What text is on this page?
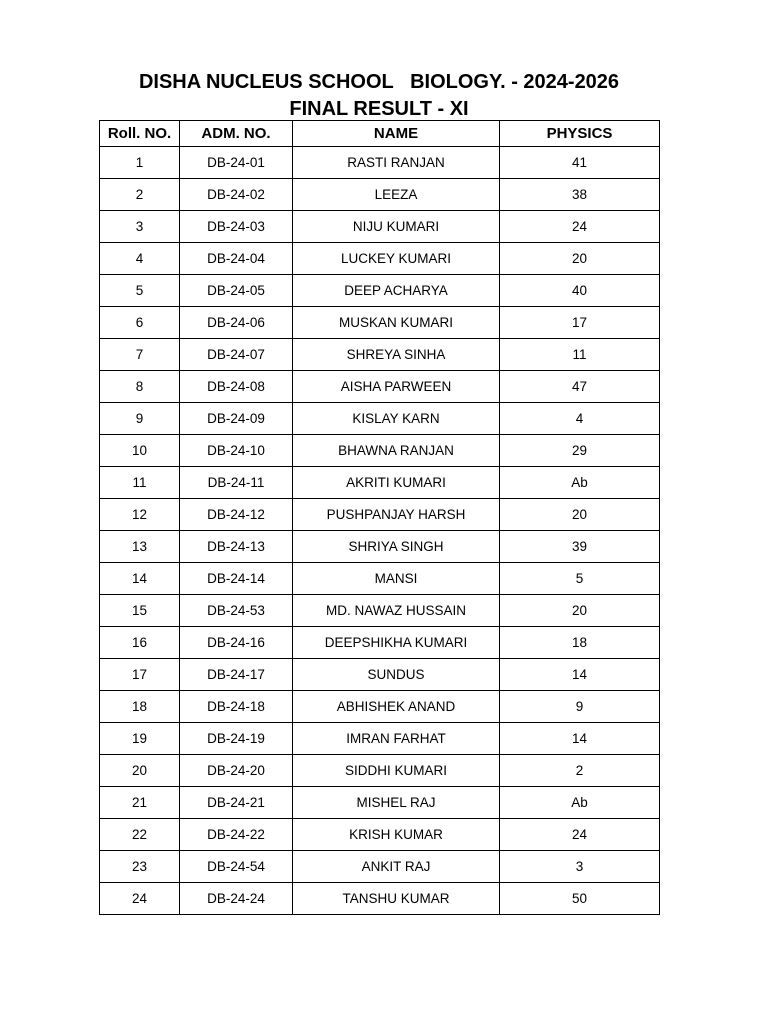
DISHA NUCLEUS SCHOOL   BIOLOGY. - 2024-2026
FINAL RESULT - XI
Roll. NO.	ADM. NO.	NAME	PHYSICS
1	DB-24-01	RASTI RANJAN	41
2	DB-24-02	LEEZA	38
3	DB-24-03	NIJU KUMARI	24
4	DB-24-04	LUCKEY KUMARI	20
5	DB-24-05	DEEP ACHARYA	40
6	DB-24-06	MUSKAN KUMARI	17
7	DB-24-07	SHREYA SINHA	11
8	DB-24-08	AISHA PARWEEN	47
9	DB-24-09	KISLAY KARN	4
10	DB-24-10	BHAWNA RANJAN	29
11	DB-24-11	AKRITI KUMARI	Ab
12	DB-24-12	PUSHPANJAY HARSH	20
13	DB-24-13	SHRIYA SINGH	39
14	DB-24-14	MANSI	5
15	DB-24-53	MD. NAWAZ HUSSAIN	20
16	DB-24-16	DEEPSHIKHA KUMARI	18
17	DB-24-17	SUNDUS	14
18	DB-24-18	ABHISHEK ANAND	9
19	DB-24-19	IMRAN FARHAT	14
20	DB-24-20	SIDDHI KUMARI	2
21	DB-24-21	MISHEL RAJ	Ab
22	DB-24-22	KRISH KUMAR	24
23	DB-24-54	ANKIT RAJ	3
24	DB-24-24	TANSHU KUMAR	50
